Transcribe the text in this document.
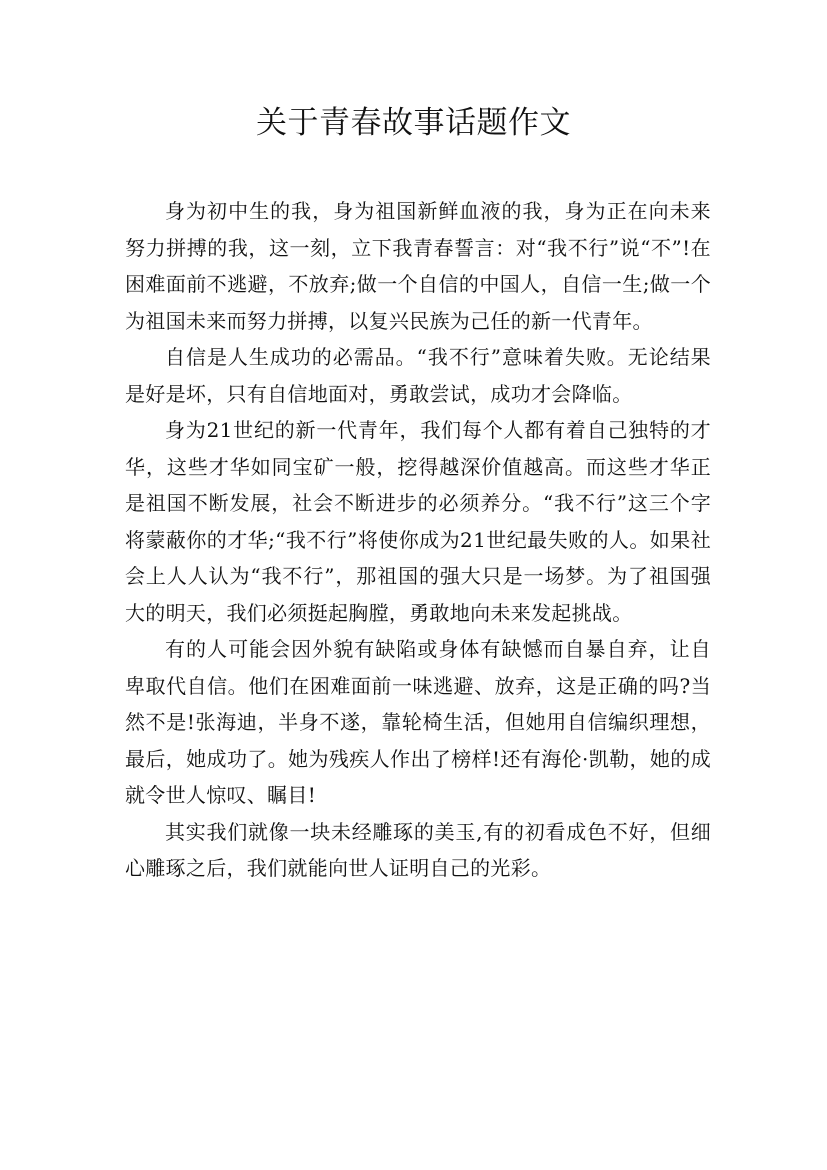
关于青春故事话题作文

身为初中生的我，身为祖国新鲜血液的我，身为正在向未来努力拼搏的我，这一刻，立下我青春誓言：对“我不行”说“不”!在困难面前不逃避，不放弃;做一个自信的中国人，自信一生;做一个为祖国未来而努力拼搏，以复兴民族为己任的新一代青年。

自信是人生成功的必需品。“我不行”意味着失败。无论结果是好是坏，只有自信地面对，勇敢尝试，成功才会降临。

身为21世纪的新一代青年，我们每个人都有着自己独特的才华，这些才华如同宝矿一般，挖得越深价值越高。而这些才华正是祖国不断发展，社会不断进步的必须养分。“我不行”这三个字将蒙蔽你的才华;“我不行”将使你成为21世纪最失败的人。如果社会上人人认为“我不行”，那祖国的强大只是一场梦。为了祖国强大的明天，我们必须挺起胸膛，勇敢地向未来发起挑战。

有的人可能会因外貌有缺陷或身体有缺憾而自暴自弃，让自卑取代自信。他们在困难面前一味逃避、放弃，这是正确的吗?当然不是!张海迪，半身不遂，靠轮椅生活，但她用自信编织理想，最后，她成功了。她为残疾人作出了榜样!还有海伦·凯勒，她的成就令世人惊叹、瞩目!

其实我们就像一块未经雕琢的美玉,有的初看成色不好，但细心雕琢之后，我们就能向世人证明自己的光彩。
